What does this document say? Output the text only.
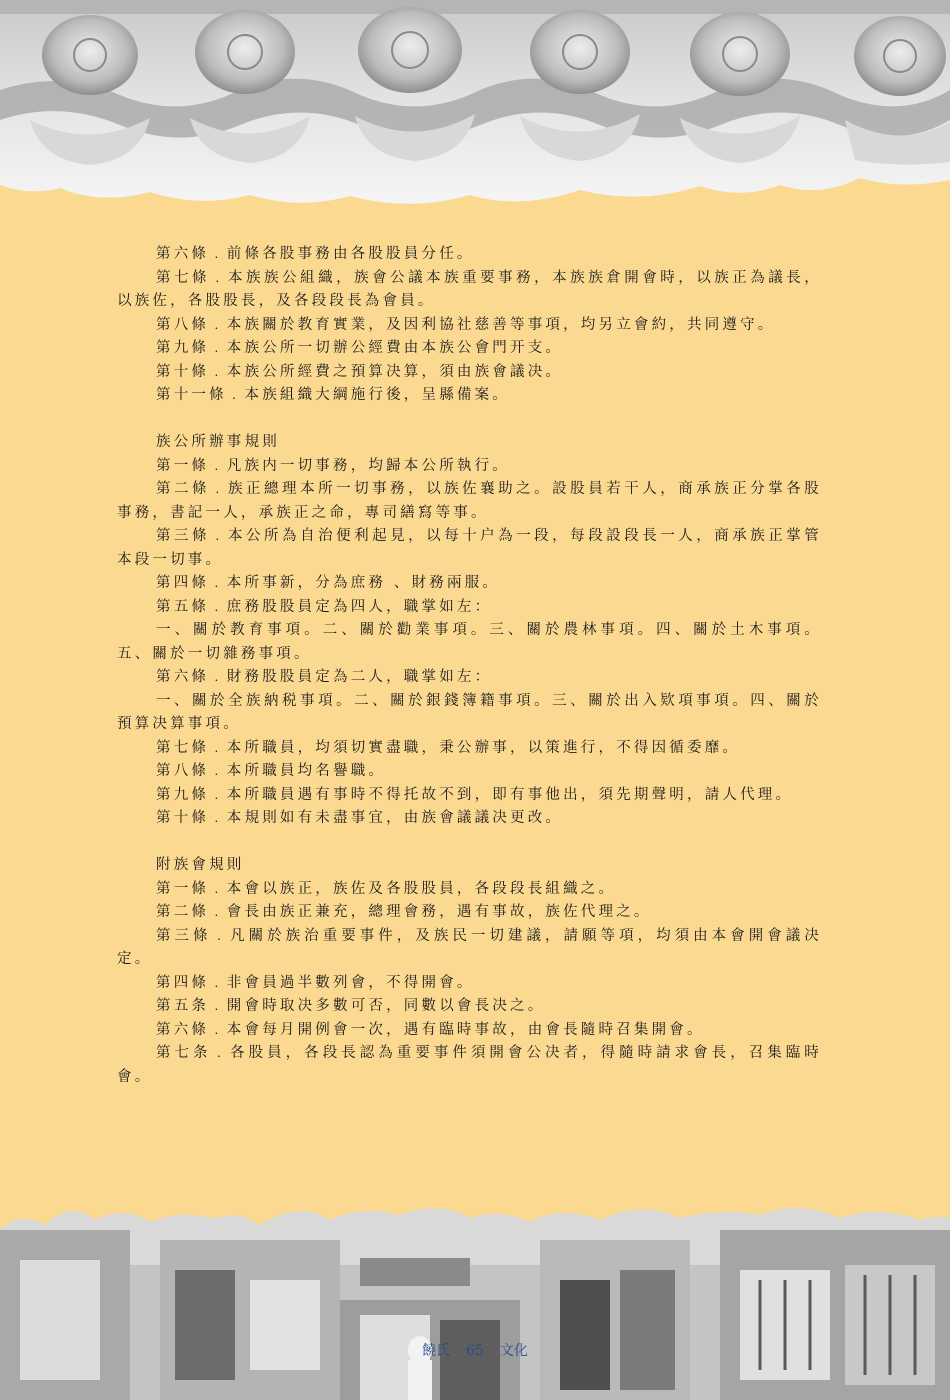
第六條﹒前條各股事務由各股股員分任。

第七條﹒本族族公組織，族會公議本族重要事務，本族族倉開會時，以族正為議長，以族佐，各股股長，及各段段長為會員。

第八條﹒本族關於教育實業，及因利協社慈善等事項，均另立會約，共同遵守。

第九條﹒本族公所一切辦公經費由本族公會門开支。

第十條﹒本族公所經費之預算决算，須由族會議决。

第十一條﹒本族組織大綱施行後，呈縣備案。

族公所辦事規則

第一條﹒凡族内一切事務，均歸本公所執行。

第二條﹒族正總理本所一切事務，以族佐襄助之。設股員若干人，商承族正分掌各股事務，書記一人，承族正之命，專司繕寫等事。

第三條﹒本公所為自治便利起見，以每十户為一段，每段設段長一人，商承族正掌管本段一切事。

第四條﹒本所事新，分為庶務 、財務兩服。

第五條﹒庶務股股員定為四人，職掌如左：

一、關於教育事項。二、關於勸業事項。三、關於農林事項。四、關於土木事項。五、關於一切雜務事項。

第六條﹒財務股股員定為二人，職掌如左：

一、關於全族納税事項。二、關於銀錢簿籍事項。三、關於出入欵項事項。四、關於預算决算事項。

第七條﹒本所職員，均須切實盡職，秉公辦事，以策進行，不得因循委靡。

第八條﹒本所職員均名譽職。

第九條﹒本所職員遇有事時不得托故不到，即有事他出，須先期聲明，請人代理。

第十條﹒本規則如有未盡事宜，由族會議議决更改。

附族會規則

第一條﹒本會以族正，族佐及各股股員，各段段長組織之。

第二條﹒會長由族正兼充，總理會務，遇有事故，族佐代理之。

第三條﹒凡關於族治重要事件，及族民一切建議，請願等項，均須由本會開會議决定。

第四條﹒非會員過半數列會，不得開會。

第五条﹒開會時取决多數可否，同數以會長决之。

第六條﹒本會每月開例會一次，遇有臨時事故，由會長隨時召集開會。

第七条﹒各股員，各段長認為重要事件須開會公决者，得隨時請求會長，召集臨時會。

饒氏 65 文化
